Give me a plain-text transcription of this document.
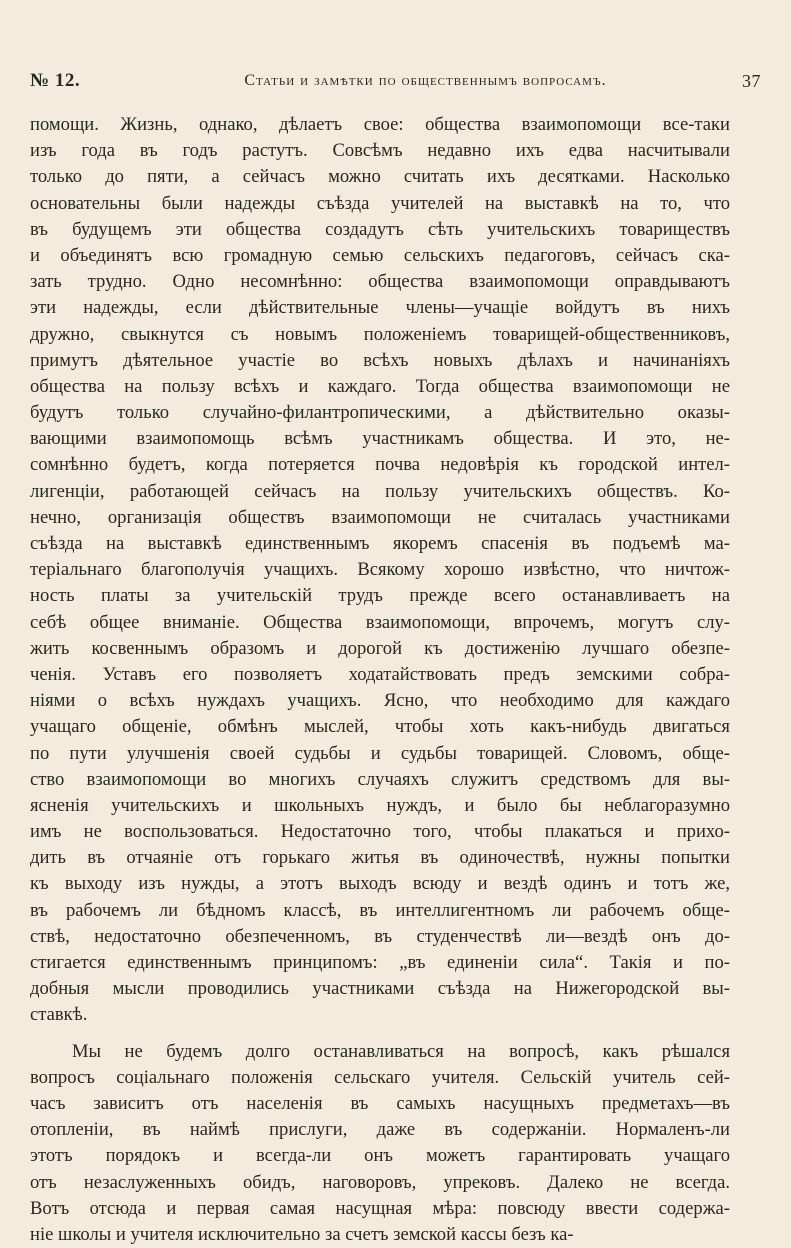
№ 12.	Статьи и замѣтки по общественнымъ вопросамъ.	37
помощи. Жизнь, однако, дѣлаетъ свое: общества взаимопомощи все-таки
изъ года въ годъ растутъ. Совсѣмъ недавно ихъ едва насчитывали
только до пяти, а сейчасъ можно считать ихъ десятками. Насколько
основательны были надежды съѣзда учителей на выставкѣ на то, что
въ будущемъ эти общества создадутъ сѣть учительскихъ товариществъ
и объединятъ всю громадную семью сельскихъ педагоговъ, сейчасъ ска-
зать трудно. Одно несомнѣнно: общества взаимопомощи оправдываютъ
эти надежды, если дѣйствительные члены—учащіе войдутъ въ нихъ
дружно, свыкнутся съ новымъ положеніемъ товарищей-общественниковъ,
примутъ дѣятельное участіе во всѣхъ новыхъ дѣлахъ и начинаніяхъ
общества на пользу всѣхъ и каждаго. Тогда общества взаимопомощи не
будутъ только случайно-филантропическими, а дѣйствительно оказы-
вающими взаимопомощь всѣмъ участникамъ общества. И это, не-
сомнѣнно будетъ, когда потеряется почва недовѣрія къ городской интел-
лигенціи, работающей сейчасъ на пользу учительскихъ обществъ. Ко-
нечно, организація обществъ взаимопомощи не считалась участниками
съѣзда на выставкѣ единственнымъ якоремъ спасенія въ подъемѣ ма-
теріальнаго благополучія учащихъ. Всякому хорошо извѣстно, что ничтож-
ность платы за учительскій трудъ прежде всего останавливаетъ на
себѣ общее вниманіе. Общества взаимопомощи, впрочемъ, могутъ слу-
жить косвеннымъ образомъ и дорогой къ достиженію лучшаго обезпе-
ченія. Уставъ его позволяетъ ходатайствовать предъ земскими собра-
ніями о всѣхъ нуждахъ учащихъ. Ясно, что необходимо для каждаго
учащаго общеніе, обмѣнъ мыслей, чтобы хоть какъ-нибудь двигаться
по пути улучшенія своей судьбы и судьбы товарищей. Словомъ, обще-
ство взаимопомощи во многихъ случаяхъ служитъ средствомъ для вы-
ясненія учительскихъ и школьныхъ нуждъ, и было бы неблагоразумно
имъ не воспользоваться. Недостаточно того, чтобы плакаться и прихо-
дить въ отчаяніе отъ горькаго житья въ одиночествѣ, нужны попытки
къ выходу изъ нужды, а этотъ выходъ всюду и вездѣ одинъ и тотъ же,
въ рабочемъ ли бѣдномъ классѣ, въ интеллигентномъ ли рабочемъ обще-
ствѣ, недостаточно обезпеченномъ, въ студенчествѣ ли—вездѣ онъ до-
стигается единственнымъ принципомъ: „въ единеніи сила“. Такія и по-
добныя мысли проводились участниками съѣзда на Нижегородской вы-
ставкѣ.
Мы не будемъ долго останавливаться на вопросѣ, какъ рѣшался
вопросъ соціальнаго положенія сельскаго учителя. Сельскій учитель сей-
часъ зависитъ отъ населенія въ самыхъ насущныхъ предметахъ—въ
отопленіи, въ наймѣ прислуги, даже въ содержаніи. Нормаленъ-ли
этотъ порядокъ и всегда-ли онъ можетъ гарантировать учащаго
отъ незаслуженныхъ обидъ, наговоровъ, упрековъ. Далеко не всегда.
Вотъ отсюда и первая самая насущная мѣра: повсюду ввести содержа-
ніе школы и учителя исключительно за счетъ земской кассы безъ ка-
